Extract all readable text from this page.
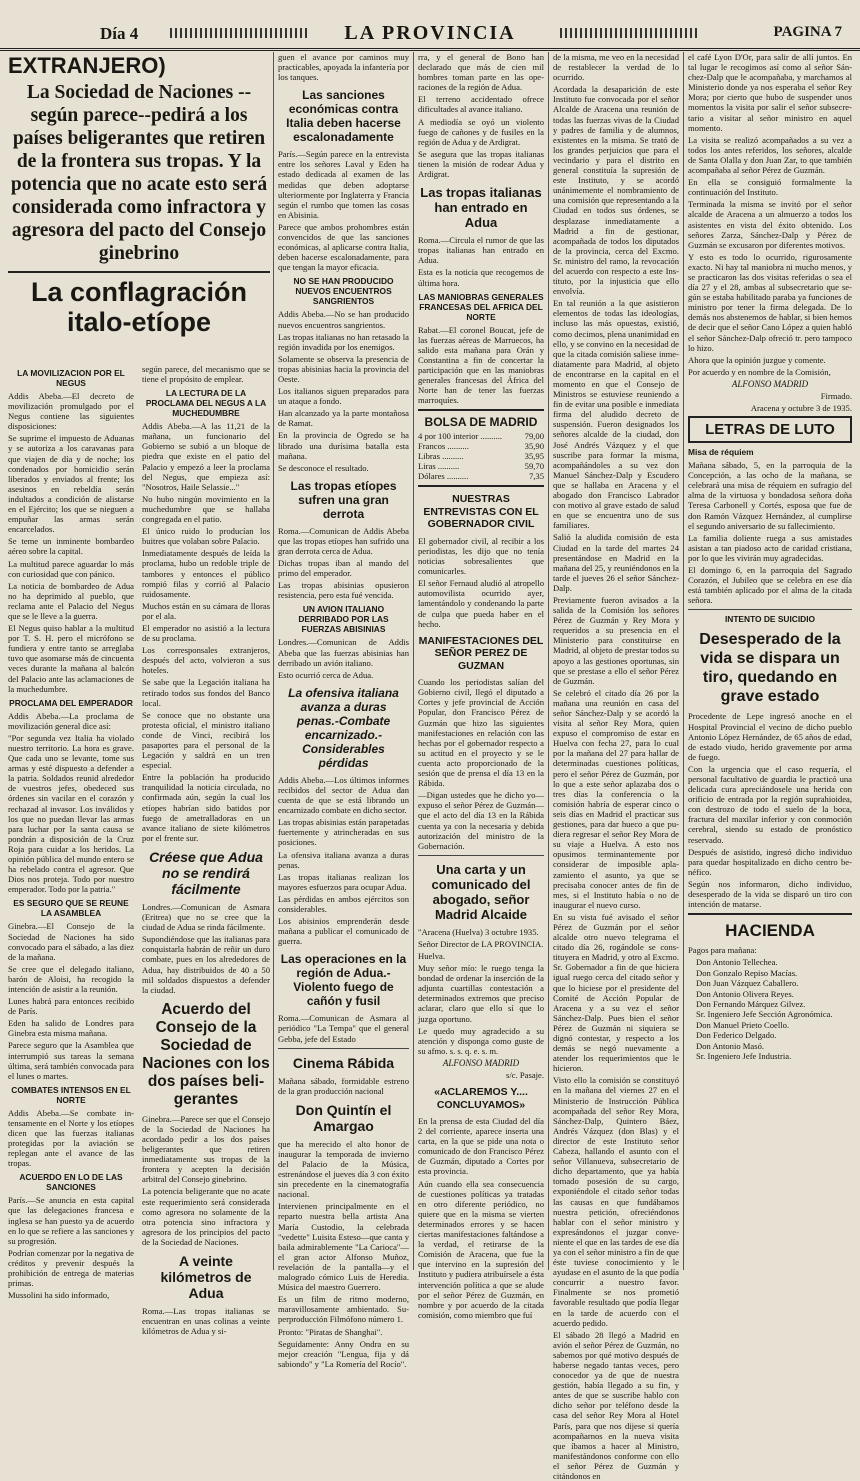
Día 4	LA PROVINCIA	PAGINA 7
EXTRANJERO)
La Sociedad de Naciones --según parece--pedirá a los países beligerantes que retiren de la frontera sus tropas. Y la potencia que no acate esto será considerada como infractora y agresora del pacto del Consejo ginebrino
La conflagración italo-etíope
LA MOVILIZACION POR EL NEGUS

Addis Abeba.—El decreto de movilización promulgado por el Negus contiene las siguientes disposiciones:

Se suprime el impuesto de Aduanas y se autoriza a los caravanas para que viajen de día y de noche; los condenados por homicidio serán liberados y enviados al frente; los asesinos en rebeldía serán indultados a condición de alistarse en el Ejército; los que se nieguen a empuñar las armas serán encarcelados.

Se teme un inminente bombardeo aéreo sobre la capital.

La multitud parece aguardar lo más con curiosidad que con pánico.

La noticia de bombardeo de Adua no ha deprimido al pueblo, que reclama ante el Palacio del Negus que se le lleve a la guerra.

El Negus quiso hablar a la multitud por T. S. H. pero el micrófono se fundiera y entre tanto se arreglaba tuvo que asomarse más de cincuenta veces durante la mañana al balcón del Palacio ante las aclamaciones de la muchedumbre.

PROCLAMA DEL EMPERADOR

Addis Abeba.—La proclama de movilización general dice así:

"Por segunda vez Italia ha violado nuestro territorio. La hora es grave. Que cada uno se levante, tome sus armas y esté dispuesto a defender a la patria. Soldados reunid alrededor de vuestros jefes, obedeced sus órdenes sin vacilar en el corazón y rechazad al invasor. Los inválidos y los que no puedan llevar las armas para luchar por la santa causa se pondrán a disposición de la Cruz Roja para cuidar a los heridos. La opinión pública del mundo entero se ha rebelado contra el agresor. Que Dios nos proteja. Todo por nuestro emperador. Todo por la patria."

ES SEGURO QUE SE REUNE LA ASAMBLEA

Ginebra.—El Consejo de la Sociedad de Naciones ha sido convocado para el sábado, a las diez de la mañana.

Se cree que el delegado italiano, barón de Aloisi, ha recogido la intención de asistir a la reunión.

Lunes habrá para entonces recibido de París.

Eden ha salido de Londres para Ginebra esta misma mañana.

Parece seguro que la Asamblea que interrumpió sus tareas la semana última, será también convocada para el lunes o martes.

COMBATES INTENSOS EN EL NORTE

Addis Abeba.—Se combate intensamente en el Norte y los etíopes dicen que las fuerzas italianas protegidas por la aviación se replegan ante el avance de las tropas.

ACUERDO EN LO DE LAS SANCIONES

París.—Se anuncia en esta capital que las delegaciones francesa e inglesa se han puesto ya de acuerdo en lo que se refiere a las sanciones y su progresión.

Podrían comenzar por la negativa de créditos y prevenir después la prohibición de entrega de materias primas.

Mussolini ha sido informado,

según parece, del mecanismo que se tiene el propósito de emplear.

LA LECTURA DE LA PROCLAMA DEL NEGUS A LA MUCHEDUMBRE

Addis Abeba.—A las 11,21 de la mañana, un funcionario del Gobierno se subió a un bloque de piedra que existe en el patio del Palacio y empezó a leer la proclama del Negus, que empieza así: "Nosotros, Haile Selassie..."

No hubo ningún movimiento en la muchedumbre que se hallaba congregada en el patio.

El único ruido lo producían los buitres que volaban sobre Palacio.

Inmediatamente después de leída la proclama, hubo un redoble triple de tambores y entonces el público rompió filas y corrió al Palacio ruidosamente.

Muchos están en su cámara de lloras por el ala.

El emperador no asistió a la lectura de su proclama.

Los corresponsales extranjeros, después del acto, volvieron a sus hoteles.

Se sabe que la Legación italiana ha retirado todos sus fondos del Banco local.

Se conoce que no obstante una protesta oficial, el ministro italiano conde de Vinci, recibirá los pasaportes para el personal de la Legación y saldrá en un tren especial.

Entre la población ha producido tranquilidad la noticia circulada, no confirmada aún, según la cual los etíopes habrían sido batidos por fuego de ametralladoras en un avance italiano de siete kilómetros por el frente sur.

Créese que Adua no se rendirá fácilmente

Londres.—Comunican de Asmara (Eritrea) que no se cree que la ciudad de Adua se rinda fácilmente.

Supondiéndose que las italianas para conquistarla habrán de reñir un duro combate, pues en los alrededores de Adua, hay distribuidos de 40 a 50 mil soldados dispuestos a defender la ciudad.

Acuerdo del Consejo de la Sociedad de Naciones con los dos países beligerantes

Ginebra.—Parece ser que el Consejo de la Sociedad de Naciones ha acordado pedir a los dos países beligerantes que retiren inmediatamente sus tropas de la frontera y acepten la decisión arbitral del Consejo ginebrino.

La potencia beligerante que no acate este requerimiento será considerada como agresora no solamente de la otra potencia sino infractora y agresora de los principios del pacto de la Sociedad de Naciones.

A veinte kilómetros de Adua

Roma.—Las tropas italianas se encuentran en unas colinas a veinte kilómetros de Adua y si-

guen el avance por caminos muy practicables, apoyada la infantería por los tanques.

Las sanciones económicas contra Italia deben hacerse escalonadamente

París.—Según parece en la entrevista entre los señores Laval y Eden ha estado dedicada al examen de las medidas que deben adoptarse ulteriormente por Inglaterra y Francia según el rumbo que tomen las cosas en Abisinia.

Parece que ambos prohombres están convencidos de que las sanciones económicas, al aplicarse contra Italia, deben hacerse escalonadamente, para que tengan la mayor eficacia.

NO SE HAN PRODUCIDO NUEVOS ENCUENTROS SANGRIENTOS

Addis Abeba.—No se han producido nuevos encuentros sangrientos.

Las tropas italianas no han retasado la región invadida por los enemigos.

Solamente se observa la presencia de tropas abisinias hacia la provincia del Oeste.

Los italianos siguen preparados para un ataque a fondo.

Han alcanzado ya la parte montañosa de Ramat.

En la provincia de Ogredo se ha librado una durísima batalla esta mañana.

Se desconoce el resultado.

Las tropas etíopes sufren una gran derrota

Roma.—Comunican de Addis Abeba que las tropas etíopes han sufrido una gran derrota cerca de Adua.

Dichas tropas iban al mando del primo del emperador.

Las tropas abisinias opusieron resistencia, pero esta fué vencida.

UN AVION ITALIANO DERRIBADO POR LAS FUERZAS ABISINIAS

Londres.—Comunican de Addis Abeba que las fuerzas abisinias han derribado un avión italiano.

Esto ocurrió cerca de Adua.

La ofensiva italiana avanza a duras penas.-Combate encarnizado.-Considerables pérdidas

Addis Abeba.—Los últimos informes recibidos del sector de Adua dan cuenta de que se está librando un encarnizado combate en dicho sector.

Las tropas abisinias están parapetadas fuertemente y atrincheradas en sus posiciones.

La ofensiva italiana avanza a duras penas.

Las tropas italianas realizan los mayores esfuerzos para ocupar Adua.

Las pérdidas en ambos ejércitos son considerables.

Los abisinios emprenderán desde mañana a publicar el comunicado de guerra.

Las operaciones en la región de Adua.-Violento fuego de cañón y fusil

Roma.—Comunican de Asmara al periódico "La Tempa" que el general Gebba, jefe del Estado

Cinema Rábida

Mañana sábado, formidable estreno de la gran producción nacional

Don Quintín el Amargao

que ha merecido el alto honor de inaugurar la temporada de invierno del Palacio de la Música, estrenándose el jueves día 3 con éxito sin precedente en la cinematografía nacional.

Intervienen principalmente en el reparto nuestra bella artista Ana María Custodio, la celebrada "vedette" Luisita Esteso—que canta y baila admirablemente "La Carioca"—el gran actor Alfonso Muñoz, revelación de la pantalla—y el malogrado cómico Luis de Heredia. Música del maestro Guerrero.

Es un film de ritmo moderno, maravillosamente ambientado. Superproducción Filmófono número 1.

Pronto: "Piratas de Shanghai".

Seguidamente: Anny Ondra en su mejor creación "Lengua, fija y dá sabiondo" y "La Romería del Rocío".

rra, y el general de Bono han declarado que más de cien mil hombres toman parte en las operaciones de la región de Adua.

El terreno accidentado ofrece dificultades al avance italiano.

A mediodía se oyó un violento fuego de cañones y de fusiles en la región de Adua y de Ardigrat.

Se asegura que las tropas italianas tienen la misión de rodear Adua y Ardigrat.

Las tropas italianas han entrado en Adua

Roma.—Circula el rumor de que las tropas italianas han entrado en Adua.

Esta es la noticia que recogemos de última hora.

LAS MANIOBRAS GENERALES FRANCESAS DEL AFRICA DEL NORTE

Rabat.—El coronel Boucat, jefe de las fuerzas aéreas de Marruecos, ha salido esta mañana para Orán y Constantina a fin de concertar la participación que en las maniobras generales francesas del África del Norte han de tener las fuerzas marroquíes.

BOLSA DE MADRID
4 por 100 interior ..........	79,00
Francos ..........	35,90
Libras ..........	35,95
Liras ..........	59,70
Dólares ..........	7,35
NUESTRAS ENTREVISTAS CON EL GOBERNADOR CIVIL

El gobernador civil, al recibir a los periodistas, les dijo que no tenía noticias sobresalientes que comunicarles.

El señor Fernaud aludió al atropello automovilista ocurrido ayer, lamentándolo y condenando la parte de culpa que pueda haber en el hecho.

MANIFESTACIONES DEL SEÑOR PEREZ DE GUZMAN

Cuando los periodistas salían del Gobierno civil, llegó el diputado a Cortes y jefe provincial de Acción Popular, don Francisco Pérez de Guzmán que hizo las siguientes manifestaciones en relación con las hechas por el gobernador respecto a su actitud en el proyecto y se le cuenta acto proporcionado de la sesión que de prensa el día 13 en la Rábida.

—Digan ustedes que he dicho yo—expuso el señor Pérez de Guzmán—que el acto del día 13 en la Rábida cuenta ya con la necesaria y debida autorización del ministro de la Gobernación.

Una carta y un comunicado del abogado, señor Madrid Alcaide

"Aracena (Huelva) 3 octubre 1935.

Señor Director de LA PROVINCIA.

Huelva.

Muy señor mío: le ruego tenga la bondad de ordenar la inserción de la adjunta cuartillas contestación a determinados extremos que preciso aclarar, claro que ello sí que lo juzga oportuno.

Le quedo muy agradecido a su atención y disponga como guste de su afmo. s. s. q. e. s. m.

ALFONSO MADRID

s/c. Pasaje.

«ACLAREMOS Y.... CONCLUYAMOS»

En la prensa de esta Ciudad del día 2 del corriente, aparece inserta una carta, en la que se pide una nota o comunicado de don Francisco Pérez de Guzmán, diputado a Cortes por esta provincia.

Aún cuando ella sea consecuencia de cuestiones políticas ya tratadas en otro diferente periódico, no quiere que en la misma se vierten determinados errores y se hacen ciertas manifestaciones faltándose a la verdad, el retirarse de la Comisión de Aracena, que fue la que intervino en la supresión del Instituto y pudiera atribuírsele a ésta intervención política a que se alude por el señor Pérez de Guzmán, en nombre y por acuerdo de la citada comisión, como miembro que fuí

de la misma, me veo en la necesidad de restablecer la verdad de lo ocurrido.

Acordada la desaparición de este Instituto fue convocada por el señor Alcalde de Aracena una reunión de todas las fuerzas vivas de la Ciudad y padres de familia y de alumnos, existentes en la misma. Se trató de los grandes perjuicios que para el vecindario y para el distrito en general constituía la supresión de este Instituto, y se acordó unánimemente el nombramiento de una comisión que representando a la Ciudad en todos sus órdenes, se desplazase inmediatamente a Madrid a fin de gestionar, acompañada de todos los diputados de la provincia, cerca del Excmo. Sr. ministro del ramo, la revocación del acuerdo con respecto a este Instituto, por la injusticia que ello envolvía.

En tal reunión a la que asistieron elementos de todas las ideologías, incluso las más opuestas, existió, como decimos, plena unanimidad en ello, y se convino en la necesidad de que la citada comisión saliese inmediatamente para Madrid, al objeto de encontrarse en la capital en el momento en que el Consejo de Ministros se estuviese reuniendo a fin de evitar una posible e inmediata firma del aludido decreto de suspensión. Fueron designados los señores alcalde de la ciudad, don José Andrés Vázquez y el que suscribe para formar la misma, acompañándoles a su vez don Manuel Sánchez-Dalp y Escudero que se hallaba en Aracena y el abogado don Francisco Labrador con motivo al grave estado de salud en que se encuentra uno de sus familiares.

Salió la aludida comisión de esta Ciudad en la tarde del martes 24 presentándose en Madrid en la mañana del 25, y reuniéndonos en la tarde el jueves 26 el señor Sánchez-Dalp.

Previamente fueron avisados a la salida de la Comisión los señores Pérez de Guzmán y Rey Mora y requeridos a su presencia en el Ministerio para constituirse en Madrid, al objeto de prestar todos su apoyo a las gestiones oportunas, sin que se prestase a ello el señor Pérez de Guzmán.

Se celebró el citado día 26 por la mañana una reunión en casa del señor Sánchez-Dalp y se acordó la visita al señor Rey Mora, quien expuso el compromiso de estar en Huelva con fecha 27, para lo cual por la mañana del 27 para hallar de determinadas cuestiones políticas, pero el señor Pérez de Guzmán, por lo que a este señor aplazaba dos o tres días la conferencia o la comisión habría de esperar cinco o seis días en Madrid el practicar sus gestiones, para dar hueco a que pudiera regresar el señor Rey Mora de su viaje a Huelva. A esto nos opusimos terminantemente por considerar de imposible aplazamiento el asunto, ya que se precisaba conocer antes de fin de mes, si el Instituto había o no de inaugurar el nuevo curso.

En su vista fué avisado el señor Pérez de Guzmán por el señor alcalde otro nuevo telegrama el citado día 26, rogándole se constituyera en Madrid, y otro al Excmo. Sr. Gobernador a fin de que hiciera igual ruego cerca del citado señor y que lo hiciese por el presidente del Comité de Acción Popular de Aracena y a su vez el señor Sánchez-Dalp. Pues bien el señor Pérez de Guzmán ni siquiera se dignó contestar, y respecto a los demás se negó nuevamente a atender los requerimientos que le hicieron.

Visto ello la comisión se constituyó en la mañana del viernes 27 en el Ministerio de Instrucción Pública acompañada del señor Rey Mora, Sánchez-Dalp, Quintero Báez, Andrés Vázquez (don Blas) y el director de este Instituto señor Cabeza, hallando el asunto con el señor Villanueva, subsecretario de dicho departamento, que ya había tomado posesión de su cargo, exponiéndole el citado señor todas las causas en que fundábamos nuestra petición, ofreciéndonos hablar con el señor ministro y expresándonos el juzgar conveniente el que en las tardes de ese día ya con el señor ministro a fin de que éste tuviese conocimiento y le ayudase en el asunto de la que podía concurrir a nuestro favor. Finalmente se nos prometió favorable resultado que podía llegar en la tarde de acuerdo con el acuerdo pedido.

El sábado 28 llegó a Madrid en avión el señor Pérez de Guzmán, no sabemos por qué motivo después de haberse negado tantas veces, pero conocedor ya de que de nuestra gestión, había llegado a su fin, y antes de que se suscribe hablo con dicho señor por teléfono desde la casa del señor Rey Mora al Hotel París, para que nos dijese si quería acompañarnos en la nueva visita que íbamos a hacer al Ministro, manifestándonos conforme con ello el señor Pérez de Guzmán y citándonos en

el café Lyon D'Or, para salir de allí juntos. En tal lugar le recogimos así como al señor Sánchez-Dalp que le acompañaba, y marchamos al Ministerio donde ya nos esperaba el señor Rey Mora; por cierto que hubo de suspender unos momentos la visita por salir el señor subsecretario a visitar al señor ministro en aquel momento.

La visita se realizó acompañados a su vez a todos los antes referidos, los señores, alcalde de Santa Olalla y don Juan Zar, to que también acompañaba al señor Pérez de Guzmán.

En ella se consiguió formalmente la continuación del Instituto.

Terminada la misma se invitó por el señor alcalde de Aracena a un almuerzo a todos los asistentes en vista del éxito obtenido. Los señores Zarza, Sánchez-Dalp y Pérez de Guzmán se excusaron por diferentes motivos.

Y esto es todo lo ocurrido, rigurosamente exacto. Ni hay tal maniobra ni mucho menos, y se practicaron las dos visitas referidas o sea el día 27 y el 28, ambas al subsecretario que según se estaba habilitado paraba ya funciones de ministro por tener la firma delegada. De lo demás nos abstenemos de hablar, si bien hemos de decir que el señor Cano López a quien habló el señor Sánchez-Dalp ofreció tr. pero tampoco lo hizo.

Ahora que la opinión juzgue y comente.

Por acuerdo y en nombre de la Comisión,

ALFONSO MADRID

Firmado.

Aracena y octubre 3 de 1935.

LETRAS DE LUTO
Misa de réquiem

Mañana sábado, 5, en la parroquia de la Concepción, a las ocho de la mañana, se celebrará una misa de réquiem en sufragio del alma de la virtuosa y bondadosa señora doña Teresa Carbonell y Cortés, esposa que fue de don Ramón Vázquez Hernández, al cumplirse el segundo aniversario de su fallecimiento.

La familia doliente ruega a sus amistades asistan a tan piadoso acto de caridad cristiana, por lo que les vivirán muy agradecidas.

El domingo 6, en la parroquia del Sagrado Corazón, el Jubileo que se celebra en ese día está también aplicado por el alma de la citada señora.

INTENTO DE SUICIDIO
Desesperado de la vida se dispara un tiro, quedando en grave estado

Procedente de Lepe ingresó anoche en el Hospital Provincial el vecino de dicho pueblo Antonio López Hernández, de 65 años de edad, de estado viudo, herido gravemente por arma de fuego.

Con la urgencia que el caso requería, el personal facultativo de guardia le practicó una delicada cura apreciándosele una herida con orificio de entrada por la región suprahioidea, con destrozo de todo el suelo de la boca, fractura del maxilar inferior y con conmoción cerebral, siendo su estado de pronóstico reservado.

Después de asistido, ingresó dicho individuo para quedar hospitalizado en dicho centro benéfico.

Según nos informaron, dicho individuo, desesperado de la vida se disparó un tiro con intención de matarse.

HACIENDA

Pagos para mañana:

Don Antonio Tellechea.
Don Gonzalo Repiso Macías.
Don Juan Vázquez Caballero.
Don Antonio Olivera Reyes.
Don Fernando Márquez Gilvez.
Sr. Ingeniero Jefe Sección Agronómica.
Don Manuel Prieto Coello.
Don Federico Delgado.
Don Antonio Masó.
Sr. Ingeniero Jefe Industria.
